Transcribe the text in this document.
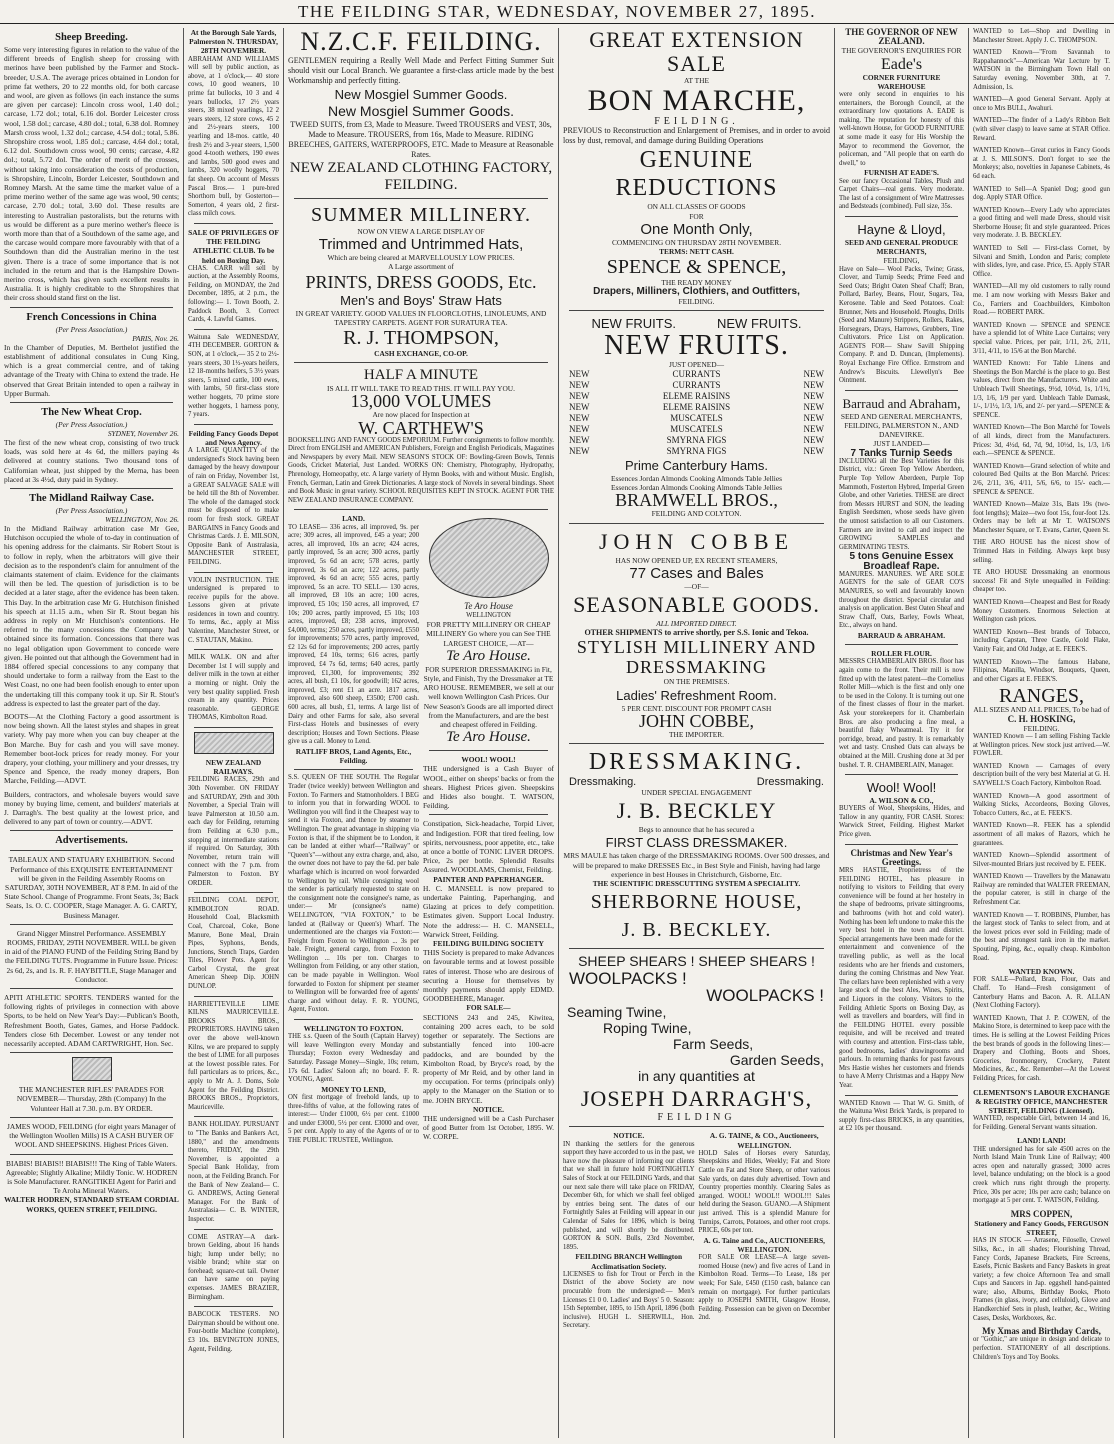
THE FEILDING STAR, WEDNESDAY, NOVEMBER 27, 1895.
Sheep Breeding.
Some very interesting figures in relation to the value of the different breeds of English sheep for crossing with merinos have been published by the Farmer and Stock-breeder, U.S.A. The average prices obtained in London for prime fat wethers, 20 to 22 months old, for both carcase and wool, are given as follows (in each instance the sums are given per carcase): Lincoln cross wool, 1.40 dol.; carcase, 1.72 dol.; total, 6.16 dol. Border Leicester cross wool, 1.58 dol.; carcase, 4.80 dol.; total, 6.38 dol. Romney Marsh cross wool, 1.32 dol.; carcase, 4.54 dol.; total, 5.86. Shropshire cross wool, 1.85 dol.; carcase, 4.64 dol.; total, 6.12 dol. Southdown cross wool, 90 cents; carcase, 4.82 dol.; total, 5.72 dol. The order of merit of the crosses, without taking into consideration the costs of production, is Shropshire, Lincoln, Border Leicester, Southdown and Romney Marsh. At the same time the market value of a prime merino wether of the same age was wool, 90 cents; carcase, 2.70 dol.; total, 3.60 dol. These results are interesting to Australian pastoralists, but the returns with us would be different as a pure merino wether's fleece is worth more than that of a Southdown of the same age, and the carcase would compare more favourably with that of a Southdown than did the Australian merino in the test given. There is a trace of some importance that is not included in the return and that is the Hampshire Down-merino cross, which has given such excellent results in Australia. It is highly creditable to the Shropshires that their cross should stand first on the list.
French Concessions in China
(Per Press Association.)
PARIS, Nov. 26.
In the Chamber of Deputies, M. Berthelot justified the establishment of additional consulates in Cung King, which is a great commercial centre, and of taking advantage of the Treaty with China to extend the trade. He observed that Great Britain intended to open a railway in Upper Burmah.
The New Wheat Crop.
(Per Press Association.)
SYDNEY, November 26.
The first of the new wheat crop, consisting of two truck loads, was sold here at 4s 6d, the millers paying 4s delivered at country stations. Two thousand tons of Californian wheat, just shipped by the Merna, has been placed at 3s 4½d, duty paid in Sydney.
The Midland Railway Case.
(Per Press Association.)
WELLINGTON, Nov. 26.
In the Midland Railway arbitration case Mr Gee, Hutchison occupied the whole of to-day in continuation of his opening address for the claimants. Sir Robert Stout is to follow in reply, when the arbitrators will give their decision as to the respondent's claim for annulment of the claimants statement of claim. Evidence for the claimants will then be led. The question of jurisdiction is to be decided at a later stage, after the evidence has been taken. This Day. In the arbitration case Mr G. Hutchison finished his speech at 11.15 a.m., when Sir R. Stout began his address in reply on Mr Hutchison's contentions. He referred to the many concessions the Company had obtained since its formation. Concessions that there was no legal obligation upon Government to concede were given. He pointed out that although the Government had in 1884 offered special concessions to any company that should undertake to form a railway from the East to the West Coast, no one had been foolish enough to enter upon the undertaking till this company took it up. Sir R. Stout's address is expected to last the greater part of the day.
BOOTS—At the Clothing Factory a good assortment is now being shown. All the latest styles and shapes in great variety. Why pay more when you can buy cheaper at the Bon Marche. Buy for cash and you will save money. Remember boot-lock prices for ready money. For your drapery, your clothing, your millinery and your dresses, try Spence and Spence, the ready money drapers, Bon Marche, Feilding.—ADVT.
Builders, contractors, and wholesale buyers would save money by buying lime, cement, and builders' materials at J. Darragh's. The best quality at the lowest price, and delivered to any part of town or country.—ADVT.
Advertisements.
TABLEAUX AND STATUARY EXHIBITION. Second Performance of this EXQUISITE ENTERTAINMENT will be given in the Feilding Assembly Rooms on SATURDAY, 30TH NOVEMBER, AT 8 P.M. In aid of the State School. Change of Programme. Front Seats, 3s; Back Seats, 1s. O. C. COOPER, Stage Manager. A. G. CARTY, Business Manager.
Grand Nigger Minstrel Performance. ASSEMBLY ROOMS, FRIDAY, 29TH NOVEMBER. WILL be given in aid of the PIANO FUND of the Feilding String Band by the FEILDING TUTS. Programme in Future Issue. Prices: 2s 6d, 2s, and 1s. R. F. HAYBITTLE, Stage Manager and Conductor.
APITI ATHLETIC SPORTS. TENDERS wanted for the following rights of privileges in connection with above Sports, to be held on New Year's Day:—Publican's Booth, Refreshment Booth, Gates, Games, and Horse Paddock. Tenders close 6th December. Lowest or any tender not necessarily accepted. ADAM CARTWRIGHT, Hon. Sec.
THE MANCHESTER RIFLES' PARADES FOR NOVEMBER— Thursday, 28th (Company) In the Volunteer Hall at 7.30. p.m. BY ORDER.
JAMES WOOD, FEILDING (for eight years Manager of the Wellington Woollen Mills) IS A CASH BUYER OF WOOL AND SHEEPSKINS. Highest Prices Given.
BIABIS! BIABIS!! BIABIS!!! The King of Table Waters. Agreeable; Slightly Alkaline; Mildly Tonic. W. HODREN is Sole Manufacturer. RANGITIKEI Agent for Pariri and Te Aroha Mineral Waters.
WALTER HODREN, STANDARD STEAM CORDIAL WORKS, QUEEN STREET, FEILDING.
At the Borough Sale Yards, Palmerston N. THURSDAY, 28TH NOVEMBER.
ABRAHAM AND WILLIAMS will sell by public auction, as above, at 1 o'clock,— 40 store cows, 10 good weaners, 10 prime fat bullocks, 10 3 and 4 years bullocks, 17 2½ years steers, 38 mixed yearlings, 12 2 years steers, 12 store cows, 45 2 and 2½-years steers, 100 yearling and 18-mos. cattle, 40 fresh 2½ and 3-year steers, 1,500 good 4-tooth wethers, 190 ewes and lambs, 500 good ewes and lambs, 320 woolly hoggets, 70 fat sheep. On account of Messrs Pascal Bros.— 1 pure-bred Shorthorn bull, by Gosterton—Somerton, 4 years old, 2 first-class milch cows.
SALE OF PRIVILEGES OF THE FEILDING ATHLETIC CLUB. To be held on Boxing Day.
CHAS. CARR will sell by auction, at the Assembly Rooms, Feilding, on MONDAY, the 2nd December, 1895, at 2 p.m., the following:— 1. Town Booth, 2. Paddock Booth, 3. Correct Cards, 4. Lawful Games.
Waituna Sale WEDNESDAY, 4TH DECEMBER. GORTON & SON, at 1 o'clock,— 35 2 to 2½-years steers, 30 1½-years heifers, 12 18-months heifers, 5 3½ years steers, 5 mixed cattle, 100 ewes, with lambs, 50 first-class store wether hoggets, 70 prime store wether hoggets, 1 harness pony, 7 years.
Feilding Fancy Goods Depot and News Agency.
A LARGE QUANTITY of the undersigned's Stock having been damaged by the heavy downpour of rain on Friday, November 1st, a GREAT SALVAGE SALE will be held till the 8th of November. The whole of the damaged stock must be disposed of to make room for fresh stock. GREAT BARGAINS in Fancy Goods and Christmas Cards. J. E. MILSON, Opposite Bank of Australasia, MANCHESTER STREET, FEILDING.
VIOLIN INSTRUCTION. THE undersigned is prepared to receive pupils for the above. Lessons given at private residences in town and country. To terms, &c., apply at Miss Valentine, Manchester Street, or C. STAUTAN, Makino.
MILK WALK. ON and after December 1st I will supply and deliver milk in the town at either a morning or night. Only the very best quality supplied. Fresh cream in any quantity. Prices reasonable. GEORGE THOMAS, Kimbolton Road.
NEW ZEALAND RAILWAYS.
FEILDING RACES, 29th and 30th November. ON FRIDAY and SATURDAY, 29th and 30th November, a Special Train will leave Palmerston at 10.50 a.m. each day for Feilding, returning from Feilding at 6.30 p.m., stopping at intermediate stations if required. On Saturday, 30th November, return train will connect with the 7 p.m. from Palmerston to Foxton. BY ORDER.
FEILDING COAL DEPOT, KIMBOLTON ROAD. Household Coal, Blacksmith Coal, Charcoal, Coke, Bone Manure, Bone Meal, Drain Pipes, Syphons, Bends, Junctions, Stench Traps, Garden Tiles, Flower Pots. Agent for Carbol Crystal, the great American Sheep Dip. JOHN DUNLOP.
HARRIETTEVILLE LIME KILNS MAURICEVILLE. BROOKS BROS., PROPRIETORS. HAVING taken over the above well-known Kilns, we are prepared to supply the best of LIME for all purposes at the lowest possible rates. For full particulars as to prices, &c., apply to Mr A. J. Doms, Sole Agent for the Feilding District. BROOKS BROS., Proprietors, Mauriceville.
BANK HOLIDAY. PURSUANT to "The Banks and Bankers Act, 1880," and the amendments thereto, FRIDAY, the 29th November, is appointed a Special Bank Holiday, from noon, at the Feilding Branch. For the Bank of New Zealand— C. G. ANDREWS, Acting General Manager. For the Bank of Australasia— C. B. WINTER, Inspector.
COME ASTRAY—A dark-brown Gelding, about 16 hands high; lump under belly; no visible brand; white star on forehead; square-cut tail. Owner can have same on paying expenses. JAMES BRAZIER, Birmingham.
BABCOCK TESTERS. NO Dairyman should be without one. Four-bottle Machine (complete), £3 10s. BEVINGTON JONES, Agent, Feilding.
N.Z.C.F. FEILDING.
GENTLEMEN requiring a Really Well Made and Perfect Fitting Summer Suit should visit our Local Branch. We guarantee a first-class article made by the best Workmanship and perfectly fitting.
New Mosgiel Summer Goods.
New Mosgiel Summer Goods.
TWEED SUITS, from £3, Made to Measure. Tweed TROUSERS and VEST, 30s, Made to Measure. TROUSERS, from 16s, Made to Measure. RIDING BREECHES, GAITERS, WATERPROOFS, ETC. Made to Measure at Reasonable Rates.
NEW ZEALAND CLOTHING FACTORY, FEILDING.
SUMMER MILLINERY.
NOW ON VIEW A LARGE DISPLAY OF
Trimmed and Untrimmed Hats,
Which are being cleared at MARVELLOUSLY LOW PRICES.
A Large assortment of
PRINTS, DRESS GOODS, Etc.
Men's and Boys' Straw Hats
IN GREAT VARIETY. GOOD VALUES IN FLOORCLOTHS, LINOLEUMS, AND TAPESTRY CARPETS. AGENT FOR SURATURA TEA.
R. J. THOMPSON,
CASH EXCHANGE, CO-OP.
HALF A MINUTE
IS ALL IT WILL TAKE TO READ THIS. IT WILL PAY YOU.
13,000 VOLUMES
Are now placed for Inspection at
W. CARTHEW'S
BOOKSELLING AND FANCY GOODS EMPORIUM. Further consignments to follow monthly. Direct from ENGLISH and AMERICAN Publishers, Foreign and English Periodicals, Magazines and Newspapers by every Mail. NEW SEASON'S STOCK OF: Bowling-Green Bowls, Tennis Goods, Cricket Material, Just Landed. WORKS ON: Chemistry, Photography, Hydropathy, Phrenology, Homeopathy, etc. A large variety of Hymn Books, with and without Music. English, French, German, Latin and Greek Dictionaries. A large stock of Novels in several bindings. Sheet and Book Music in great variety. SCHOOL REQUISITES KEPT IN STOCK. AGENT FOR THE NEW ZEALAND INSURANCE COMPANY.
LAND.
TO LEASE— 336 acres, all improved, 9s. per acre; 309 acres, all improved, £45 a year; 200 acres, all improved, 10s an acre; 424 acres, partly improved, 5s an acre; 300 acres, partly improved, 5s 6d an acre; 578 acres, partly improved, 3s 6d an acre; 122 acres, partly improved, 4s 6d an acre; 555 acres, partly improved, 5s an acre. TO SELL— 130 acres, all improved, £8 10s an acre; 100 acres, improved, £5 10s; 150 acres, all improved, £7 10s; 200 acres, partly improved, £5 10s; 103 acres, improved, £8; 238 acres, improved, £4,000, terms; 250 acres, partly improved, £550 for improvements; 570 acres, partly improved, £2 12s 6d for improvements; 200 acres, partly improved, £4 10s, terms; 616 acres, partly improved, £4 7s 6d, terms; 640 acres, partly improved, £1,300, for improvements; 392 acres, all bush, £1 10s, for goodwill; 162 acres, improved, £3; rent £1 an acre. 1817 acres, improved, also 600 sheep, £3500; £700 cash. 600 acres, all bush, £1, terms. A large list of Dairy and other Farms for sale, also several First-class Hotels and businesses of every description; Houses and Town Sections. Please give us a call. Money to Lend.
RATLIFF BROS, Land Agents, Etc., Feilding.
S.S. QUEEN OF THE SOUTH. The Regular Trader (twice weekly) between Wellington and Foxton. To Farmers and Statnonholders. I BEG to inform you that in forwarding WOOL to Wellington you will find it the Cheapest way to send it via Foxton, and thence by steamer to Wellington. The great advantage in shipping via Foxton is that, if the shipment be to London, it can be landed at either wharf—"Railway" or "Queen's"—without any extra charge, and, also, the owner does not have to pay the 6d. per bale wharfage which is incurred on wool forwarded to Wellington by rail. While consigning wool the sender is particularly requested to state on the consignment note the consignee's name, as under:— Mr (consignee's name) WELLINGTON, "VIA FOXTON," to be landed at (Railway or Queen's) Wharf. The undermentioned are the charges via Foxton:— Freight from Foxton to Wellington ... 3s per bale. Freight, general cargo, from Foxton to Wellington ... 10s per ton. Charges to Wellington from Feilding, or any other station, can be made payable in Wellington. Wool forwarded to Foxton for shipment per steamer to Wellington will be forwarded free of agents' charge and without delay. F. R. YOUNG, Agent, Foxton.
WELLINGTON TO FOXTON.
THE s.s. Queen of the South (Captain Harvey) will leave Wellington every Monday and Thursday; Foxton every Wednesday and Saturday. Passage Money—Single, 10s; return, 17s 6d. Ladies' Saloon aft; no board. F. R. YOUNG, Agent.
MONEY TO LEND,
ON first mortgage of freehold lands, up to three-fifths of value, at the following rates of interest:— Under £1000, 6½ per cent. £1000 and under £3000, 5½ per cent. £3000 and over, 5 per cent. Apply to any of the Agents of or to THE PUBLIC TRUSTEE, Wellington.
Te Aro House
WELLINGTON
FOR PRETTY MILLINERY OR CHEAP MILLINERY Go where you can See THE LARGEST CHOICE, —AT—
Te Aro House.
FOR SUPERIOR DRESSMAKING in Fit, Style, and Finish, Try the Dressmaker at TE ARO HOUSE. REMEMBER, we sell at our well known Wellington Cash Prices. Our New Season's Goods are all imported direct from the Manufacturers, and are the best and cheapest offered in Feilding.
Te Aro House.
WOOL! WOOL!
THE undersigned is a Cash Buyer of WOOL, either on sheeps' backs or from the shears. Highest Prices given. Sheepskins and Hides also bought. T. WATSON, Feilding.
Constipation, Sick-headache, Torpid Liver, and Indigestion. FOR that tired feeling, low spirits, nervousness, poor appetite, etc., take at once a bottle of TONIC LIVER DROPS. Price, 2s per bottle. Splendid Results Assured. WOODLAMS, Chemist, Feilding.
PAINTER AND PAPERHANGER.
H. C. MANSELL is now prepared to undertake Painting, Paperhanging, and Glazing at prices to defy competition. Estimates given. Support Local Industry. Note the address:— H. C. MANSELL, Warwick Street, Feilding.
FEILDING BUILDING SOCIETY
THIS Society is prepared to make Advances on favourable terms and at lowest possible rates of interest. Those who are desirous of securing a House for themselves by monthly payments should apply EDMD. GOODBEHERE, Manager.
FOR SALE—
SECTIONS 243 and 245, Kiwitea, containing 200 acres each, to be sold together or separately. The Sections are substantially fenced into 100-acre paddocks, and are bounded by the Kimbolton Road, by Bryce's road, by the property of Mr Reid, and by other land in my occupation. For terms (principals only) apply to the Manager on the Station or to me. JOHN BRYCE.
NOTICE.
THE undersigned will be a Cash Purchaser of good Butter from 1st October, 1895. W. W. CORPE.
GREAT EXTENSION SALE
AT THE
BON MARCHE,
FEILDING.
PREVIOUS to Reconstruction and Enlargement of Premises, and in order to avoid loss by dust, removal, and damage during Building Operations
GENUINE REDUCTIONS
ON ALL CLASSES OF GOODS
FOR
One Month Only,
COMMENCING ON THURSDAY 28TH NOVEMBER.
TERMS: NETT CASH.
SPENCE & SPENCE,
THE READY MONEY
Drapers, Milliners, Clothiers, and Outfitters,
FEILDING.
NEW FRUITS.	NEW FRUITS.
NEW FRUITS.
JUST OPENED—
NEW	CURRANTS	NEW
NEW	CURRANTS	NEW
NEW	ELEME RAISINS	NEW
NEW	ELEME RAISINS	NEW
NEW	MUSCATELS	NEW
NEW	MUSCATELS	NEW
NEW	SMYRNA FIGS	NEW
NEW	SMYRNA FIGS	NEW
Prime Canterbury Hams.
Essences Jordan Almonds Cooking Almonds Table Jellies
Essences Jordan Almonds Cooking Almonds Table Jellies
BRAMWELL BROS.,
FEILDING AND COLYTON.
JOHN COBBE
HAS NOW OPENED UP, EX RECENT STEAMERS,
77 Cases and Bales
—OF—
SEASONABLE GOODS.
ALL IMPORTED DIRECT.
OTHER SHIPMENTS to arrive shortly, per S.S. Ionic and Tekoa.
STYLISH MILLINERY AND DRESSMAKING
ON THE PREMISES.
Ladies' Refreshment Room.
5 PER CENT. DISCOUNT FOR PROMPT CASH
JOHN COBBE,
THE IMPORTER.
DRESSMAKING.
Dressmaking.	Dressmaking.
UNDER SPECIAL ENGAGEMENT
J. B. BECKLEY
Begs to announce that he has secured a
FIRST CLASS DRESSMAKER.
MRS MAULE has taken charge of the DRESSMAKING ROOMS. Over 500 dresses, and will be prepared to make DRESSES Etc., in Best Style and Finish, having had large experience in best Houses in Christchurch, Gisborne, Etc.
THE SCIENTIFIC DRESSCUTTING SYSTEM A SPECIALITY.
SHERBORNE HOUSE,
J. B. BECKLEY.
SHEEP SHEARS ! SHEEP SHEARS !
WOOLPACKS !
WOOLPACKS !
Seaming Twine,
Roping Twine,
Farm Seeds,
Garden Seeds,
in any quantities at
JOSEPH DARRAGH'S,
FEILDING
NOTICE.
IN thanking the settlers for the generous support they have accorded to us in the past, we have now the pleasure of informing our clients that we shall in future hold FORTNIGHTLY Sales of Stock at our FEILDING Yards, and that our next sale there will take place on FRIDAY, December 6th, for which we shall feel obliged by entries being sent. The dates of our Fortnightly Sales at Feilding will appear in our Calendar of Sales for 1896, which is being published, and will shortly be distributed. GORTON & SON. Bulls, 23rd November, 1895.
FEILDING BRANCH Wellington Acclimatisation Society.
LICENSES to fish for Trout or Perch in the District of the above Society are now procurable from the undersigned:— Men's Licenses £1 0 0. Ladies' and Boys' 5 0. Season: 15th September, 1895, to 15th April, 1896 (both inclusive). HUGH L. SHERWILL, Hon. Secretary.
A. G. TAINE, & CO., Auctioneers, WELLINGTON.
HOLD Sales of Horses every Saturday, Sheepskins and Hides, Weekly; Fat and Store Cattle on Fat and Store Sheep, or other various Sale yards, on dates duly advertised. Town and Country properties monthly. Clearing Sales as arranged. WOOL! WOOL!! WOOL!!! Sales held during the Season. GUANO.—A Shipment just arrived. This is a splendid Manure for Turnips, Carrots, Potatoes, and other root crops. PRICE, 60s per ton.
A. G. Taine and Co., AUCTIONEERS, WELLINGTON.
FOR SALE OR LEASE—A large seven-roomed House (new) and five acres of Land in Kimbolton Road. Terms—To Lease, 18s per week; For Sale, £450 (£150 cash, balance can remain on mortgage). For further particulars apply to JOSEPH SMITH, Glasgow House, Feilding. Possession can be given on December 2nd.
THE GOVERNOR OF NEW ZEALAND.
THE GOVERNOR'S ENQUIRIES FOR
Eade's
CORNER FURNITURE WAREHOUSE
were only second in enquiries to his entertainers, the Borough Council, at the extraordinary low quotations A. EADE is making. The reputation for honesty of this well-known House, for GOOD FURNITURE at some made it easy for His Worship the Mayor to recommend the Governor, the policeman, and "All people that on earth do dwell," to
FURNISH AT EADE'S.
See our fancy Occasional Tables, Plush and Carpet Chairs—real gems. Very moderate. The last of a consignment of Wire Mattresses and Bedsteads (combined). Full size, 35s.
Hayne & Lloyd,
SEED AND GENERAL PRODUCE MERCHANTS,
FEILDING,
Have on Sale— Wool Packs, Twine; Grass, Clover, and Turnip Seeds; Prime Feed and Seed Oats; Bright Oaten Sheaf Chaff; Bran, Pollard, Barley, Beans, Flour, Sugars, Tea, Kerosene. Table and Seed Potatoes. Coal: Brunner, Nets and Household. Ploughs, Drills (Seed and Manure) Strippers, Rollers, Rakes, Horsegears, Drays, Harrows, Grubbers, Tine Cultivators. Price List on Application. AGENTS FOR— Shaw Savill Shipping Company. P. and D. Duncan, (Implements). Royal Exchange Fire Office. Ermstrom and Andrew's Biscuits. Llewellyn's Bee Ointment.
Barraud and Abraham,
SEED AND GENERAL MERCHANTS, FEILDING, PALMERSTON N., AND DANEVIRKE.
JUST LANDED—
7 Tanks Turnip Seeds
INCLUDING all the Best Varieties for this District, viz.: Green Top Yellow Aberdeen, Purple Top Yellow Aberdeen, Purple Top Mammoth, Fosterton Hybred, Imperial Green Globe, and other Varieties. THESE are direct from Messrs HURST and SON, the leading English Seedsmen, whose seeds have given the utmost satisfaction to all our Customers. Farmers are invited to call and inspect the GROWING SAMPLES and GERMINATING TESTS.
5 tons Genuine Essex Broadleaf Rape.
MANURES. MANURES. WE ARE SOLE AGENTS for the sale of GEAR CO'S MANURES, so well and favourably known throughout the district. Special circular and analysis on application. Best Oaten Sheaf and Straw Chaff, Oats, Barley, Fowls Wheat, Etc., always on hand.
BARRAUD & ABRAHAM.
ROLLER FLOUR.
MESSRS CHAMBERLAIN BROS. floor has again come to the front. Their mill is now fitted up with the latest patent—the Cornelius Roller Mill—which is the first and only one to be used in the Colony. It is turning out one of the finest classes of flour in the market. Ask your storekeepers for it. Chamberlain Bros. are also producing a fine meal, a beautiful flaky Wheatmeal. Try it for porridge, bread, and pastry. It is remarkably wet and tasty. Crushed Oats can always be obtained at the Mill. Crushing done at 3d per bushel. T. R. CHAMBERLAIN, Manager.
Wool! Wool!
A. WILSON & CO.,
BUYERS of Wool, Sheepskins, Hides, and Tallow in any quantity, FOR CASH. Stores: Warwick Street, Feilding. Highest Market Price given.
Christmas and New Year's Greetings.
MRS HASTIE, Proprietress of the FEILDING HOTEL, has pleasure in notifying to visitors to Feilding that every convenience will be found at her hostelry in the shape of bedrooms, private sittingrooms, and bathrooms (with hot and cold water). Nothing has been left undone to make this the very best hotel in the town and district. Special arrangements have been made for the entertainment and convenience of the travelling public, as well as the local residents who are her friends and customers, during the coming Christmas and New Year. The cellars have been replenished with a very large stock of the best Ales, Wines, Spirits, and Liquors in the colony. Visitors to the Feilding Athletic Sports on Boxing Day, as well as travellers and boarders, will find in the FEILDING HOTEL every possible requisite, and will be received and treated with courtesy and attention. First-class table, good bedrooms, ladies' drawingrooms and parlours. In returning thanks for past favours Mrs Hastie wishes her customers and friends to have A Merry Christmas and a Happy New Year.
WANTED Known — That W. G. Smith, of the Waituna West Brick Yards, is prepared to supply first-class BRICKS, in any quantities, at £2 10s per thousand.

WANTED to Let—Shop and Dwelling in Manchester Street. Apply J. C. THOMPSON.

WANTED Known—"From Savannah to Rappahannock"—American War Lecture by T. WATSON in the Birmingham Town Hall on Saturday evening, November 30th, at 7. Admission, 1s.

WANTED—A good General Servant. Apply at once to Mrs BULL, Awahuri.

WANTED—The finder of a Lady's Ribbon Belt (with silver clasp) to leave same at STAR Office. Reward.

WANTED Known—Great curios in Fancy Goods at J. S. MILSON'S. Don't forget to see the Monkeys; also, novelties in Japanese Cabinets, 4s 6d each.

WANTED to Sell—A Spaniel Dog; good gun dog. Apply STAR Office.

WANTED Known—Every Lady who appreciates a good fitting and well made Dress, should visit Sherborne House; fit and style guaranteed. Prices very moderate. J. B. BECKLEY.

WANTED to Sell — First-class Cornet, by Silvani and Smith, London and Paris; complete with slides, lyre, and case. Price, £5. Apply STAR Office.

WANTED—All my old customers to rally round me. I am now working with Messrs Baker and Co., Farriers and Coachbuilders, Kimbolton Road.— ROBERT PARK.

WANTED Known — SPENCE and SPENCE have a splendid lot of White Lace Curtains; very special value. Prices, per pair, 1/11, 2/6, 2/11, 3/11, 4/11, to 15/6 at the Bon Marché.

WANTED Known: For Table Linens and Sheetings the Bon Marché is the place to go. Best values, direct from the Manufacturers. White and Unbleach Twill Sheetings, 9½d, 10½d, 1s, 1/1½, 1/3, 1/6, 1/9 per yard. Unbleach Table Damask, 1/-, 1/1½, 1/3, 1/6, and 2/- per yard.—SPENCE & SPENCE.

WANTED Known—The Bon Marché for Towels of all kinds, direct from the Manufacturers. Prices: 3d, 4½d, 6d, 7d, 9d, 10½d, 1s, 1/3, 1/6 each.—SPENCE & SPENCE.

WANTED Known—Grand selection of white and coloured Bed Quilts at the Bon Marché. Prices: 2/6, 2/11, 3/6, 4/11, 5/6, 6/6, to 15/- each.—SPENCE & SPENCE.

WANTED Known—Maize 31s, Bats 19s (two-foot lengths); Maize—two foot 15s, four-foot 12s. Orders may be left at Mr T. WATSON'S Manchester Square, or T. Evans, Carter, Queen St.

THE ARO HOUSE has the nicest show of Trimmed Hats in Feilding. Always kept busy selling.

TE ARO HOUSE Dressmaking an enormous success! Fit and Style unequalled in Feilding: cheaper too.

WANTED Known—Cheapest and Best for Ready Money Customers. Enormous Selection at Wellington cash prices.

WANTED Known—Best brands of Tobacco, including Capstan, Three Castle, Gold Flake, Vanity Fair, and Old Judge, at E. FEEK'S.

WANTED Known—The famous Habane, Filipinas, Manilla, Windsor, Bouquets, Queen, and other Cigars at E. FEEK'S.

RANGES,
ALL SIZES AND ALL PRICES, To be had of
C. H. HOSKING,
FEILDING.

WANTED Known — I am selling Fishing Tackle at Wellington prices. New stock just arrived.—W. FOWLER.

WANTED Known — Carnages of every description built of the very best Material at G. H. SAYWELL'S Coach Factory, Kimbolton Road.

WANTED Known—A good assortment of Walking Sticks, Accordeons, Boxing Gloves, Tobacco Cutters, &c., at E. FEEK'S.

WANTED Known—R. FEEK has a splendid assortment of all makes of Razors, which he guarantees.

WANTED Known—Splendid assortment of Silver-mounted Briars just received by E. FEEK.

WANTED Known — Travellers by the Manawatu Railway are reminded that WALTER FREEMAN, the popular caterer, is still in charge of the Refreshment Car.

WANTED Known — T. ROBBINS, Plumber, has the largest stock of Tanks to select from, and at the lowest prices ever sold in Feilding; made of the best and strongest tank iron in the market. Spouting, Piping, &c., equally cheap. Kimbolton Road.

WANTED KNOWN.

FOR SALE—Pollard, Bran, Flour, Oats and Chaff. To Hand—Fresh consignment of Canterbury Hams and Bacon. A. R. ALLAN (Next Clothing Factory).

WANTED Known, That J. P. COWEN, of the Makino Store, is determined to keep pace with the times. He is selling at the Lowest Feilding Prices the best brands of goods in the following lines:—Drapery and Clothing, Boots and Shoes, Groceries, Ironmongery, Crockery, Patent Medicines, &c., &c. Remember—At the Lowest Feilding Prices, for cash.

CLEMENTSON'S LABOUR EXCHANGE & REGISTRY OFFICE, MANCHESTER STREET, FEILDING (Licensed).

WANTED, respectable Girl, between 14 and 16, for Feilding. General Servant wants situation.

LAND! LAND!

THE undersigned has for sale 4500 acres on the North Island Main Trunk Line of Railway; 400 acres open and naturally grassed; 3000 acres level, balance undulating; on the block is a good creek which runs right through the property. Price, 30s per acre; 10s per acre cash; balance on mortgage at 5 per cent. T. WATSON, Feilding.

MRS COPPEN,
Stationery and Fancy Goods, FERGUSON STREET,

HAS IN STOCK — Arrasene, Filoselle, Crewel Silks, &c., in all shades; Flourishing Thread, Fancy Cords, Japanese Brackets, Fire Screens, Easels, Picnic Baskets and Fancy Baskets in great variety; a few choice Afternoon Tea and small Cups and Saucers in Jap. eggshell hand-painted ware; also, Albums, Birthday Books, Photo Frames (in glass, ivory, and celluloid), Glove and Handkerchief Sets in plush, leather, &c., Writing Cases, Desks, Workboxes, &c.

My Xmas and Birthday Cards,

or "Gothic," are unique in design and delicate to perfection. STATIONERY of all descriptions. Children's Toys and Toy Books.
